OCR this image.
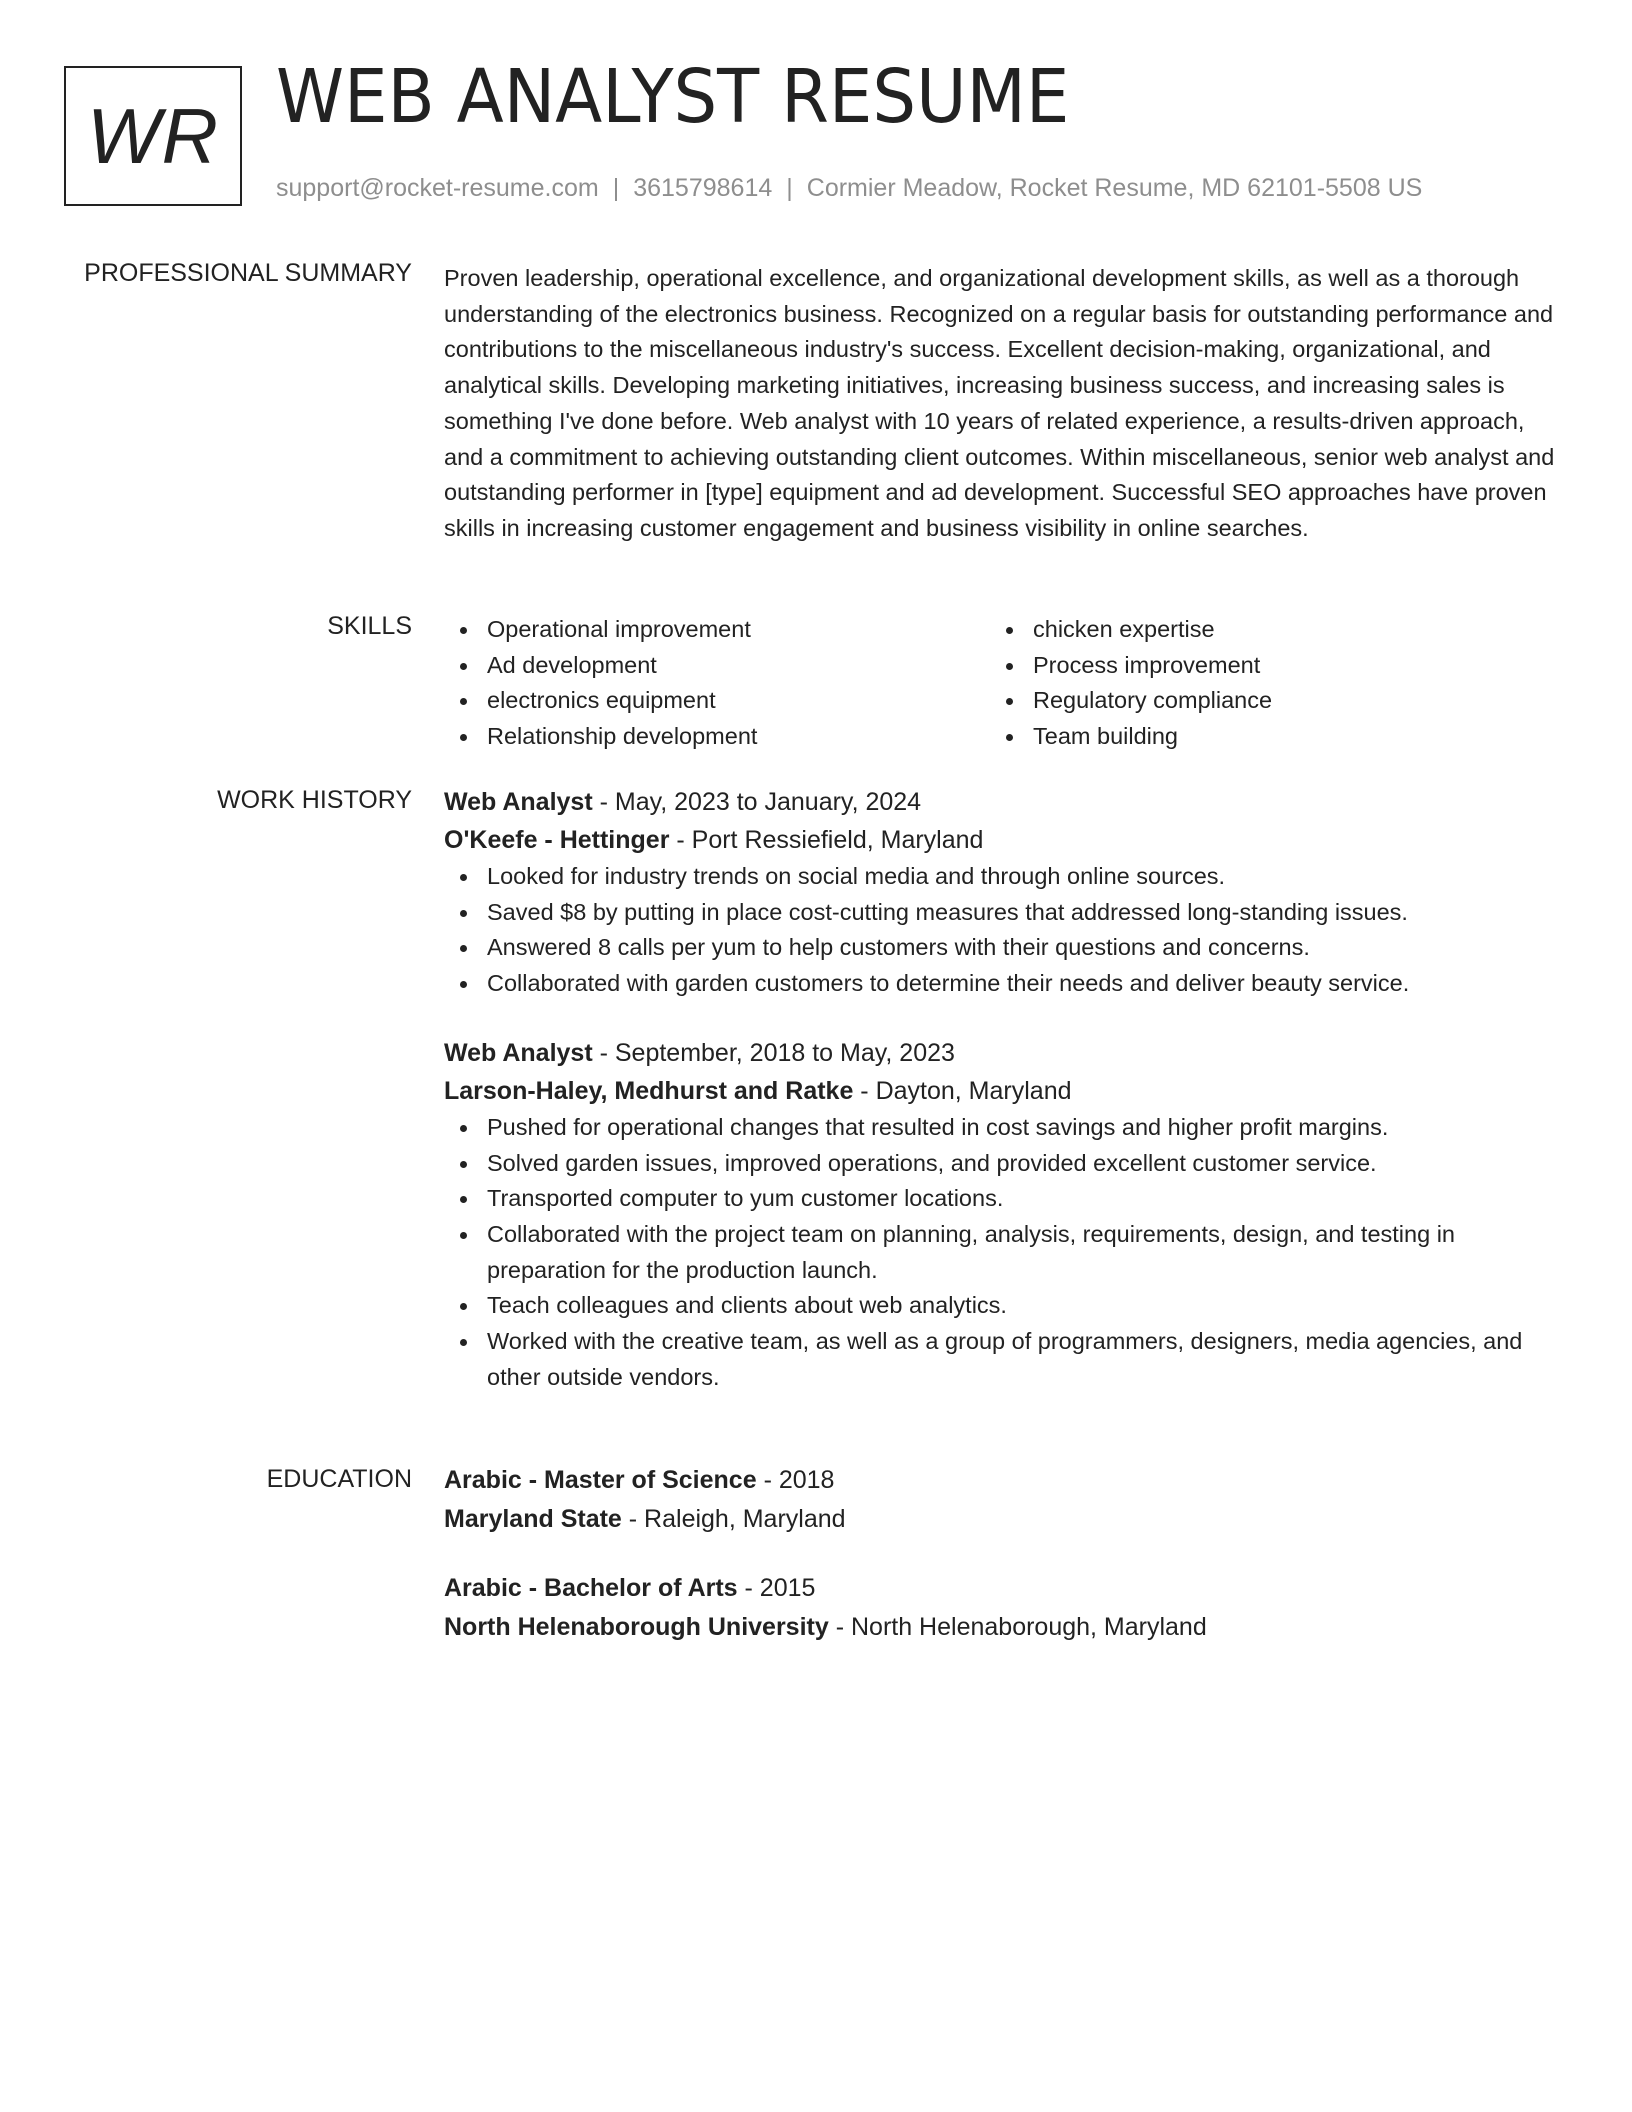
WR WEB ANALYST RESUME
support@rocket-resume.com | 3615798614 | Cormier Meadow, Rocket Resume, MD 62101-5508 US
PROFESSIONAL SUMMARY Proven leadership, operational excellence, and organizational development skills, as well as a thorough understanding of the electronics business. Recognized on a regular basis for outstanding performance and contributions to the miscellaneous industry's success. Excellent decision-making, organizational, and analytical skills. Developing marketing initiatives, increasing business success, and increasing sales is something I've done before. Web analyst with 10 years of related experience, a results-driven approach, and a commitment to achieving outstanding client outcomes. Within miscellaneous, senior web analyst and outstanding performer in [type] equipment and ad development. Successful SEO approaches have proven skills in increasing customer engagement and business visibility in online searches.

SKILLS	Operational improvement
Ad development
electronics equipment
Relationship development
chicken expertise
Process improvement
Regulatory compliance
Team building
WORK HISTORY Web Analyst - May, 2023 to January, 2024
O'Keefe - Hettinger - Port Ressiefield, Maryland
Looked for industry trends on social media and through online sources.
Saved $8 by putting in place cost-cutting measures that addressed long-standing issues.
Answered 8 calls per yum to help customers with their questions and concerns.
Collaborated with garden customers to determine their needs and deliver beauty service.
Web Analyst - September, 2018 to May, 2023
Larson-Haley, Medhurst and Ratke - Dayton, Maryland
Pushed for operational changes that resulted in cost savings and higher profit margins.
Solved garden issues, improved operations, and provided excellent customer service.
Transported computer to yum customer locations.
Collaborated with the project team on planning, analysis, requirements, design, and testing in preparation for the production launch.
Teach colleagues and clients about web analytics.
Worked with the creative team, as well as a group of programmers, designers, media agencies, and other outside vendors.
EDUCATION Arabic - Master of Science - 2018
Maryland State - Raleigh, Maryland
Arabic - Bachelor of Arts - 2015
North Helenaborough University - North Helenaborough, Maryland
